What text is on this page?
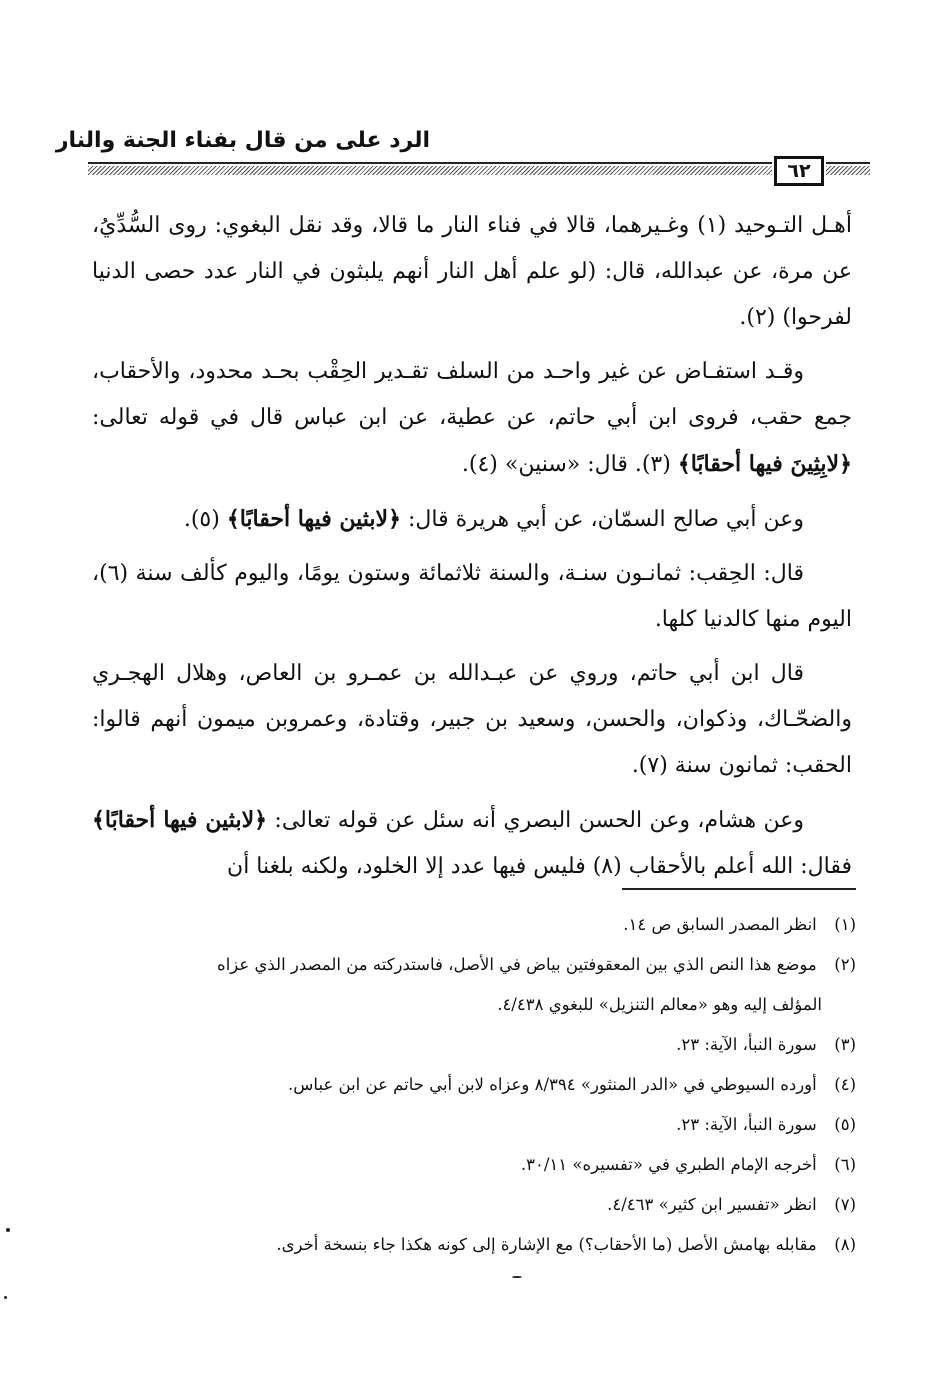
الرد على من قال بفناء الجنة والنار
٦٢

أهـل التـوحيد (١) وغـيرهما، قالا في فناء النار ما قالا، وقد نقل البغوي: روى السُّدِّيُ، عن مرة، عن عبدالله، قال: (لو علم أهل النار أنهم يلبثون في النار عدد حصى الدنيا لفرحوا) (٢).

وقـد استفـاض عن غير واحـد من السلف تقـدير الحِقْب بحـد محدود، والأحقاب، جمع حقب، فروى ابن أبي حاتم، عن عطية، عن ابن عباس قال في قوله تعالى: ﴿لابِثِينَ فيها أحقابًا﴾ (٣). قال: «سنين» (٤).

وعن أبي صالح السمّان، عن أبي هريرة قال: ﴿لابثين فيها أحقابًا﴾ (٥).

قال: الحِقب: ثمانـون سنـة، والسنة ثلاثمائة وستون يومًا، واليوم كألف سنة (٦)، اليوم منها كالدنيا كلها.

قال ابن أبي حاتم، وروي عن عبـدالله بن عمـرو بن العاص، وهلال الهجـري والضحّـاك، وذكوان، والحسن، وسعيد بن جبير، وقتادة، وعمروبن ميمون أنهم قالوا: الحقب: ثمانون سنة (٧).

وعن هشام، وعن الحسن البصري أنه سئل عن قوله تعالى: ﴿لابثين فيها أحقابًا﴾ فقال: الله أعلم بالأحقاب (٨) فليس فيها عدد إلا الخلود، ولكنه بلغنا أن

(١) انظر المصدر السابق ص ١٤.
(٢) موضع هذا النص الذي بين المعقوفتين بياض في الأصل، فاستدركته من المصدر الذي عزاه
المؤلف إليه وهو «معالم التنزيل» للبغوي ٤/٤٣٨.
(٣) سورة النبأ، الآية: ٢٣.
(٤) أورده السيوطي في «الدر المنثور» ٨/٣٩٤ وعزاه لابن أبي حاتم عن ابن عباس.
(٥) سورة النبأ، الآية: ٢٣.
(٦) أخرجه الإمام الطبري في «تفسيره» ٣٠/١١.
(٧) انظر «تفسير ابن كثير» ٤/٤٦٣.
(٨) مقابله بهامش الأصل (ما الأحقاب؟) مع الإشارة إلى كونه هكذا جاء بنسخة أخرى.
